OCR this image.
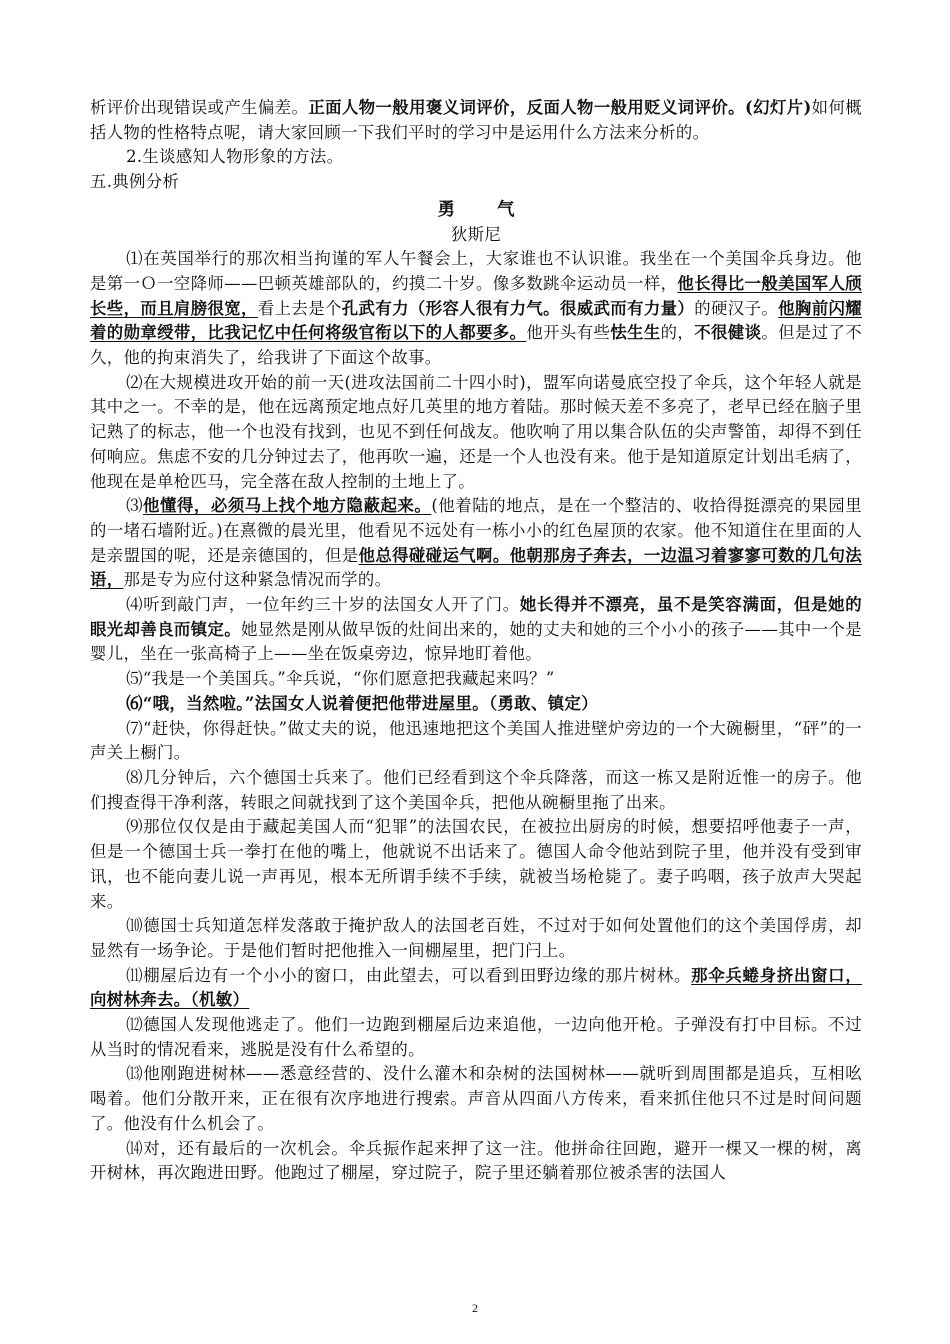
析评价出现错误或产生偏差。正面人物一般用褒义词评价，反面人物一般用贬义词评价。(幻灯片)如何概括人物的性格特点呢，请大家回顾一下我们平时的学习中是运用什么方法来分析的。

2.生谈感知人物形象的方法。

五.典例分析

勇 气

狄斯尼

⑴在英国举行的那次相当拘谨的军人午餐会上，大家谁也不认识谁。我坐在一个美国伞兵身边。他是第一Ｏ一空降师——巴顿英雄部队的，约摸二十岁。像多数跳伞运动员一样，他长得比一般美国军人颀长些，而且肩膀很宽，看上去是个孔武有力（形容人很有力气。很威武而有力量）的硬汉子。他胸前闪耀着的勋章绶带，比我记忆中任何将级官衔以下的人都要多。他开头有些怯生生的，不很健谈。但是过了不久，他的拘束消失了，给我讲了下面这个故事。

⑵在大规模进攻开始的前一天(进攻法国前二十四小时)，盟军向诺曼底空投了伞兵，这个年轻人就是其中之一。不幸的是，他在远离预定地点好几英里的地方着陆。那时候天差不多亮了，老早已经在脑子里记熟了的标志，他一个也没有找到，也见不到任何战友。他吹响了用以集合队伍的尖声警笛，却得不到任何响应。焦虑不安的几分钟过去了，他再吹一遍，还是一个人也没有来。他于是知道原定计划出毛病了，他现在是单枪匹马，完全落在敌人控制的土地上了。

⑶他懂得，必须马上找个地方隐蔽起来。(他着陆的地点，是在一个整洁的、收拾得挺漂亮的果园里的一堵石墙附近。)在熹微的晨光里，他看见不远处有一栋小小的红色屋顶的农家。他不知道住在里面的人是亲盟国的呢，还是亲德国的，但是他总得碰碰运气啊。他朝那房子奔去，一边温习着寥寥可数的几句法语，那是专为应付这种紧急情况而学的。

⑷听到敲门声，一位年约三十岁的法国女人开了门。她长得并不漂亮，虽不是笑容满面，但是她的眼光却善良而镇定。她显然是刚从做早饭的灶间出来的，她的丈夫和她的三个小小的孩子——其中一个是婴儿，坐在一张高椅子上——坐在饭桌旁边，惊异地盯着他。

⑸“我是一个美国兵。”伞兵说，“你们愿意把我藏起来吗？”

⑹“哦，当然啦。”法国女人说着便把他带进屋里。（勇敢、镇定）

⑺“赶快，你得赶快。”做丈夫的说，他迅速地把这个美国人推进壁炉旁边的一个大碗橱里，“砰”的一声关上橱门。

⑻几分钟后，六个德国士兵来了。他们已经看到这个伞兵降落，而这一栋又是附近惟一的房子。他们搜查得干净利落，转眼之间就找到了这个美国伞兵，把他从碗橱里拖了出来。

⑼那位仅仅是由于藏起美国人而“犯罪”的法国农民，在被拉出厨房的时候，想要招呼他妻子一声，但是一个德国士兵一拳打在他的嘴上，他就说不出话来了。德国人命令他站到院子里，他并没有受到审讯，也不能向妻儿说一声再见，根本无所谓手续不手续，就被当场枪毙了。妻子呜咽，孩子放声大哭起来。

⑽德国士兵知道怎样发落敢于掩护敌人的法国老百姓，不过对于如何处置他们的这个美国俘虏，却显然有一场争论。于是他们暂时把他推入一间棚屋里，把门闩上。

⑾棚屋后边有一个小小的窗口，由此望去，可以看到田野边缘的那片树林。那伞兵蜷身挤出窗口，向树林奔去。（机敏）

⑿德国人发现他逃走了。他们一边跑到棚屋后边来追他，一边向他开枪。子弹没有打中目标。不过从当时的情况看来，逃脱是没有什么希望的。

⒀他刚跑进树林——悉意经营的、没什么灌木和杂树的法国树林——就听到周围都是追兵，互相吆喝着。他们分散开来，正在很有次序地进行搜索。声音从四面八方传来，看来抓住他只不过是时间问题了。他没有什么机会了。

⒁对，还有最后的一次机会。伞兵振作起来押了这一注。他拼命往回跑，避开一棵又一棵的树，离开树林，再次跑进田野。他跑过了棚屋，穿过院子，院子里还躺着那位被杀害的法国人

2
